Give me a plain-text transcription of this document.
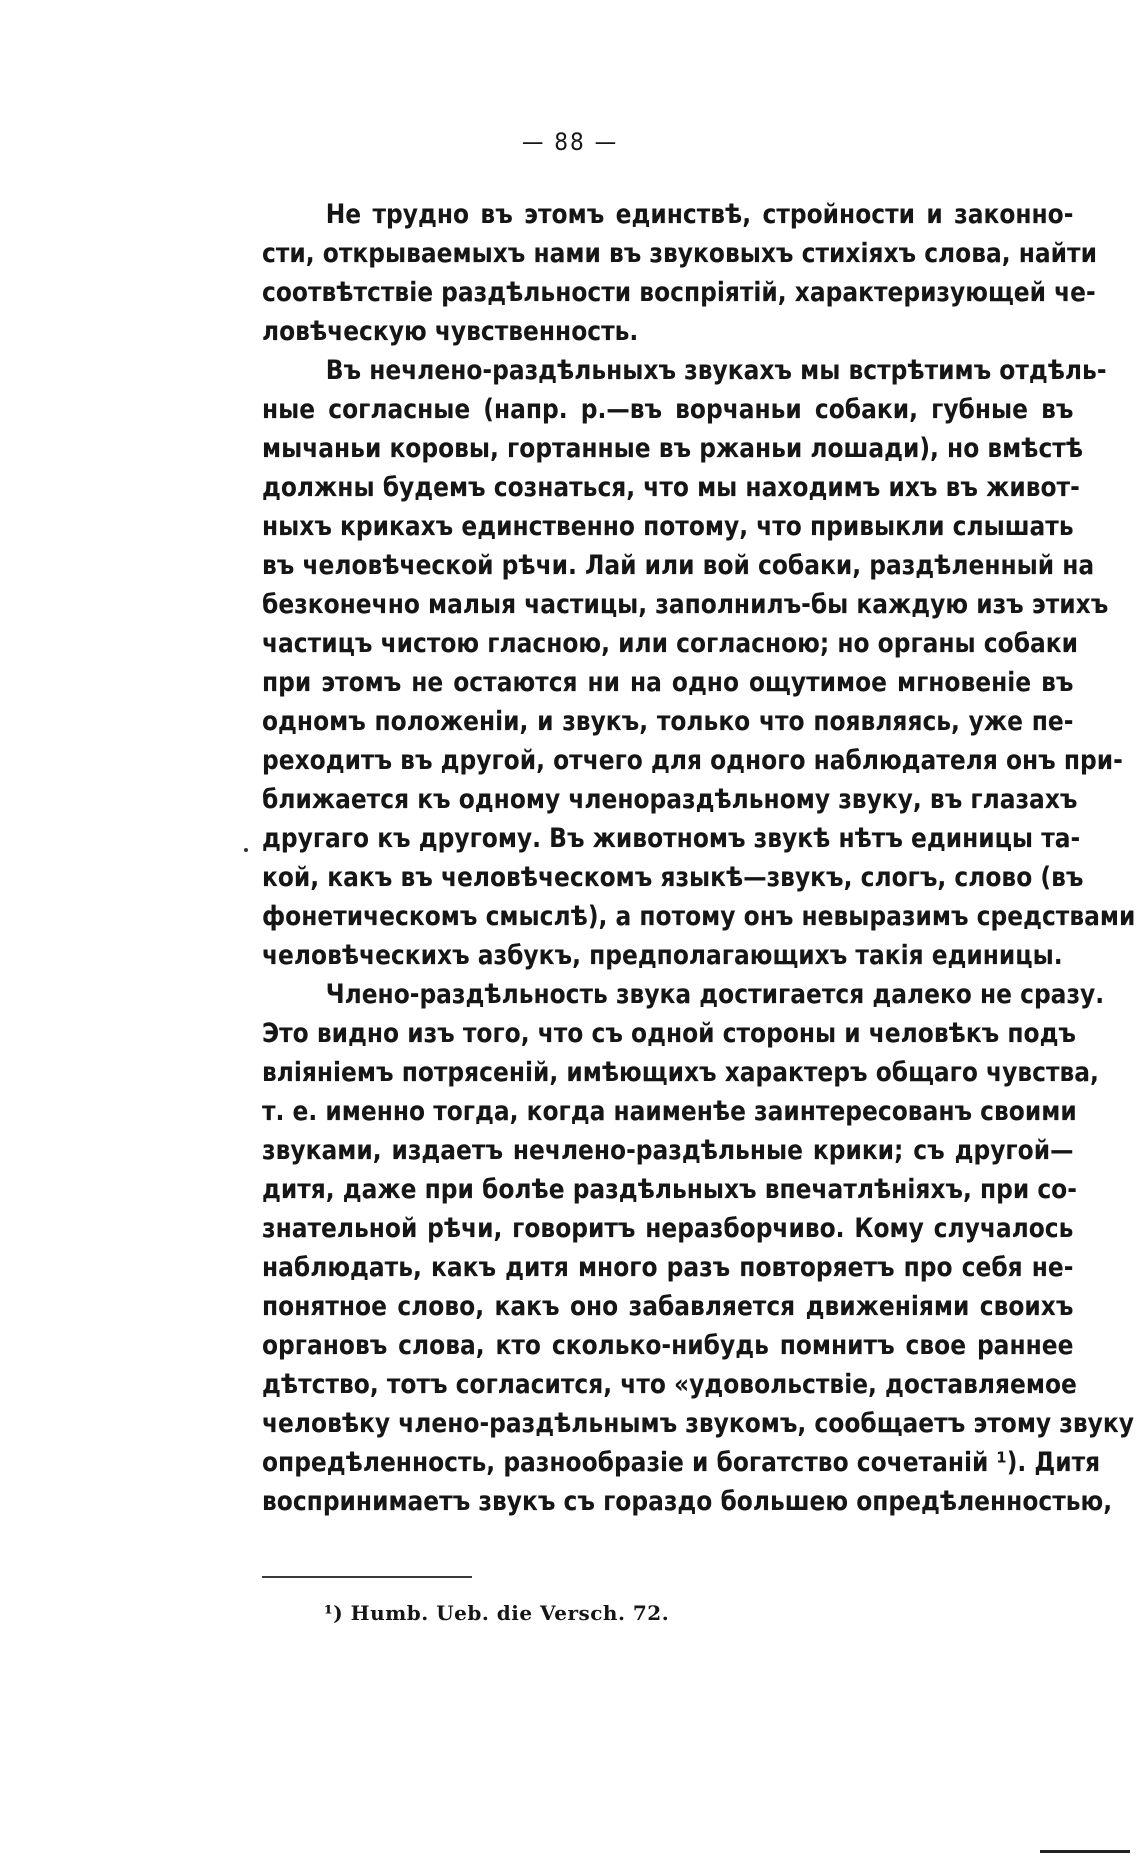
— 88 —
Не трудно въ этомъ единствѣ, стройности и законно-
сти, открываемыхъ нами въ звуковыхъ стихіяхъ слова, найти
соотвѣтствіе раздѣльности воспріятій, характеризующей че-
ловѣческую чувственность.
Въ нечлено-раздѣльныхъ звукахъ мы встрѣтимъ отдѣль-
ные согласные (напр. р.—въ ворчаньи собаки, губные въ
мычаньи коровы, гортанные въ ржаньи лошади), но вмѣстѣ
должны будемъ сознаться, что мы находимъ ихъ въ живот-
ныхъ крикахъ единственно потому, что привыкли слышать
въ человѣческой рѣчи. Лай или вой собаки, раздѣленный на
безконечно малыя частицы, заполнилъ-бы каждую изъ этихъ
частицъ чистою гласною, или согласною; но органы собаки
при этомъ не остаются ни на одно ощутимое мгновеніе въ
одномъ положеніи, и звукъ, только что появляясь, уже пе-
реходитъ въ другой, отчего для одного наблюдателя онъ при-
ближается къ одному членораздѣльному звуку, въ глазахъ
другаго къ другому. Въ животномъ звукѣ нѣтъ единицы та-
кой, какъ въ человѣческомъ языкѣ—звукъ, слогъ, слово (въ
фонетическомъ смыслѣ), а потому онъ невыразимъ средствами
человѣческихъ азбукъ, предполагающихъ такія единицы.
Члено-раздѣльность звука достигается далеко не сразу.
Это видно изъ того, что съ одной стороны и человѣкъ подъ
вліяніемъ потрясеній, имѣющихъ характеръ общаго чувства,
т. е. именно тогда, когда наименѣе заинтересованъ своими
звуками, издаетъ нечлено-раздѣльные крики; съ другой—
дитя, даже при болѣе раздѣльныхъ впечатлѣніяхъ, при со-
знательной рѣчи, говоритъ неразборчиво. Кому случалось
наблюдать, какъ дитя много разъ повторяетъ про себя не-
понятное слово, какъ оно забавляется движеніями своихъ
органовъ слова, кто сколько-нибудь помнитъ свое раннее
дѣтство, тотъ согласится, что «удовольствіе, доставляемое
человѣку члено-раздѣльнымъ звукомъ, сообщаетъ этому звуку
опредѣленность, разнообразіе и богатство сочетаній ¹). Дитя
воспринимаетъ звукъ съ гораздо большею опредѣленностью,
¹) Humb. Ueb. die Versch. 72.
